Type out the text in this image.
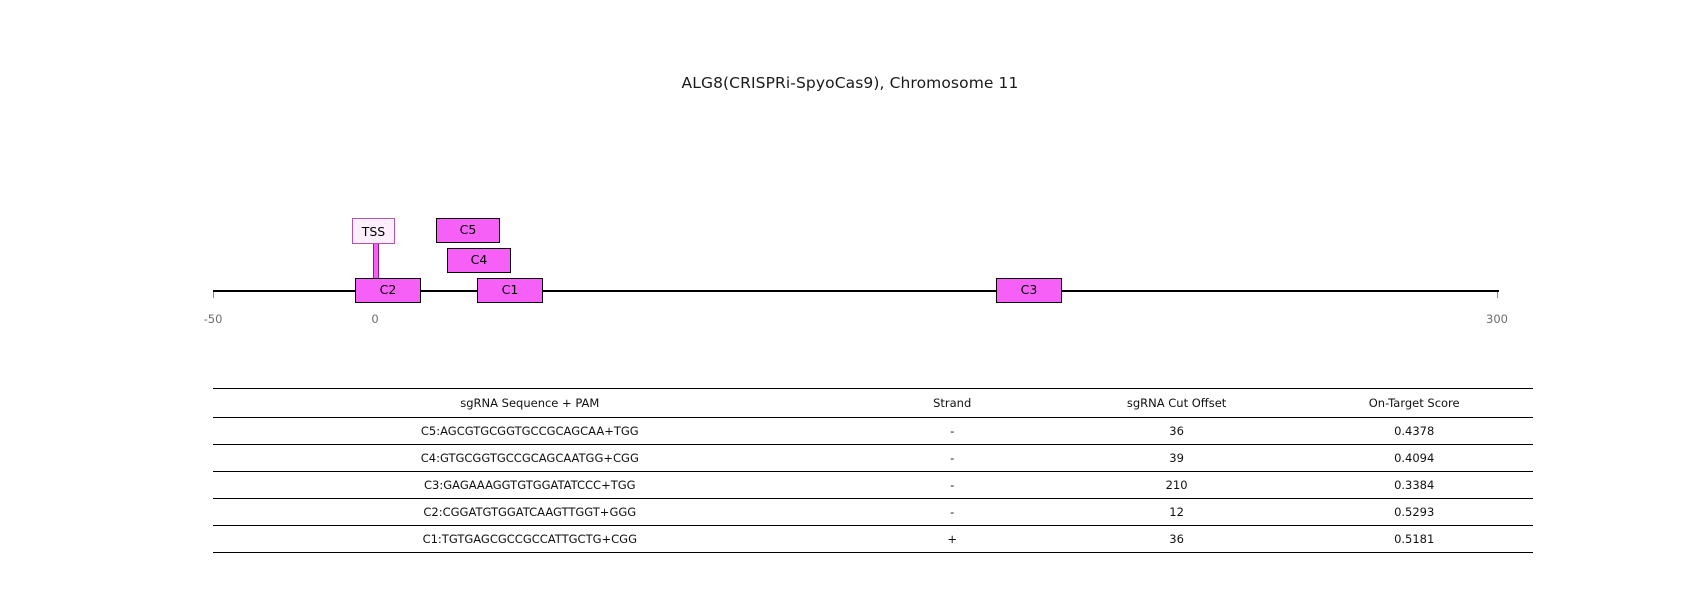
ALG8(CRISPRi-SpyoCas9), Chromosome 11
-50	0	300
TSS	C5
C4
C2	C1	C3
sgRNA Sequence + PAM	Strand	sgRNA Cut Offset	On-Target Score
C5:AGCGTGCGGTGCCGCAGCAA+TGG	-	36	0.4378
C4:GTGCGGTGCCGCAGCAATGG+CGG	-	39	0.4094
C3:GAGAAAGGTGTGGATATCCC+TGG	-	210	0.3384
C2:CGGATGTGGATCAAGTTGGT+GGG	-	12	0.5293
C1:TGTGAGCGCCGCCATTGCTG+CGG	+	36	0.5181
